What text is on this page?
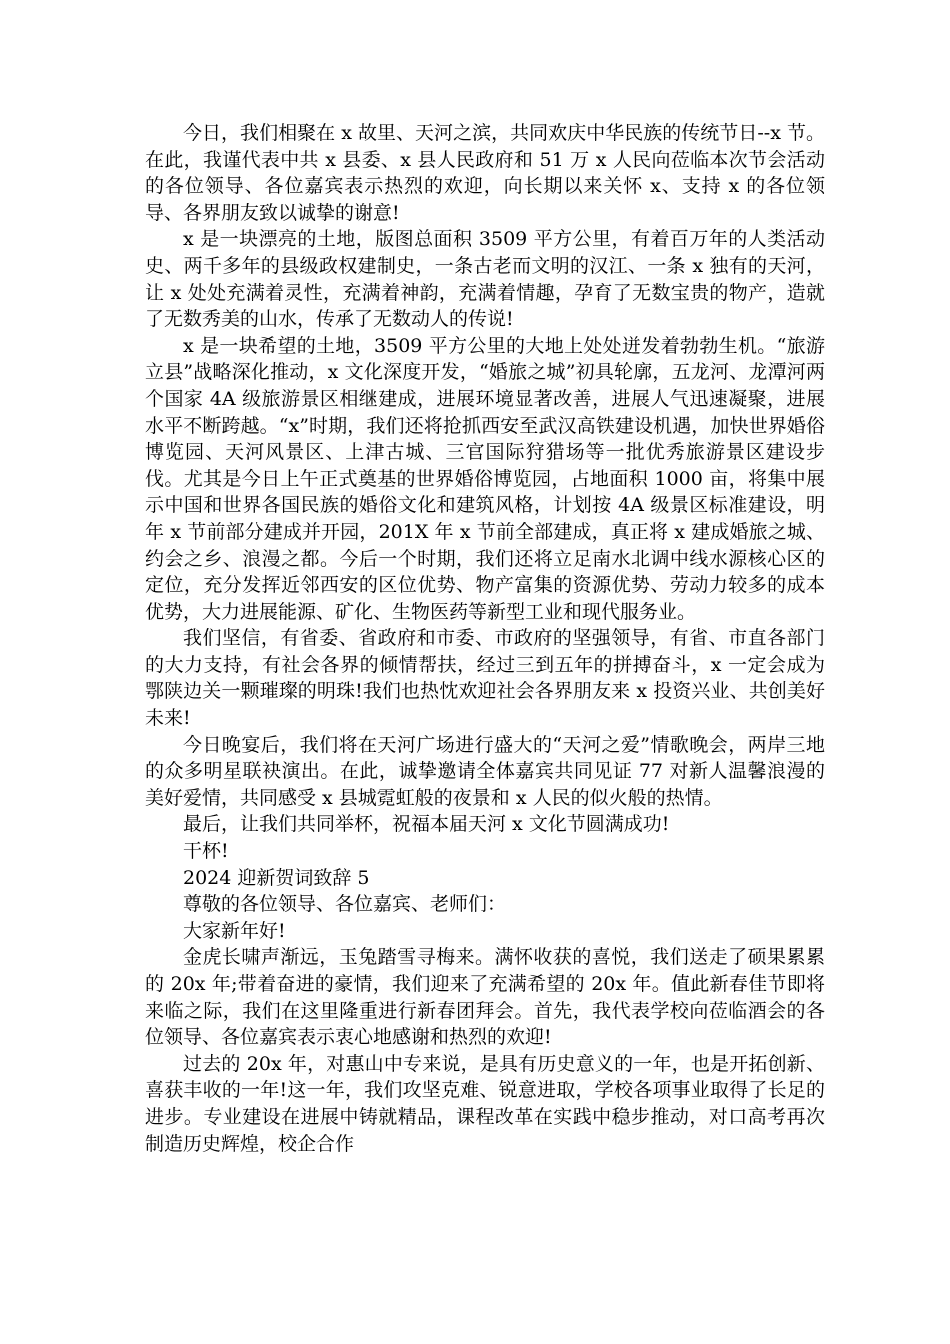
今日，我们相聚在 x 故里、天河之滨，共同欢庆中华民族的传统节日--x 节。在此，我谨代表中共 x 县委、x 县人民政府和 51 万 x 人民向莅临本次节会活动的各位领导、各位嘉宾表示热烈的欢迎，向长期以来关怀 x、支持 x 的各位领导、各界朋友致以诚挚的谢意!

x 是一块漂亮的土地，版图总面积 3509 平方公里，有着百万年的人类活动史、两千多年的县级政权建制史，一条古老而文明的汉江、一条 x 独有的天河，让 x 处处充满着灵性，充满着神韵，充满着情趣，孕育了无数宝贵的物产，造就了无数秀美的山水，传承了无数动人的传说!

x 是一块希望的土地，3509 平方公里的大地上处处迸发着勃勃生机。“旅游立县”战略深化推动，x 文化深度开发，“婚旅之城”初具轮廓，五龙河、龙潭河两个国家 4A 级旅游景区相继建成，进展环境显著改善，进展人气迅速凝聚，进展水平不断跨越。“x”时期，我们还将抢抓西安至武汉高铁建设机遇，加快世界婚俗博览园、天河风景区、上津古城、三官国际狩猎场等一批优秀旅游景区建设步伐。尤其是今日上午正式奠基的世界婚俗博览园，占地面积 1000 亩，将集中展示中国和世界各国民族的婚俗文化和建筑风格，计划按 4A 级景区标准建设，明年 x 节前部分建成并开园，201X 年 x 节前全部建成，真正将 x 建成婚旅之城、约会之乡、浪漫之都。今后一个时期，我们还将立足南水北调中线水源核心区的定位，充分发挥近邻西安的区位优势、物产富集的资源优势、劳动力较多的成本优势，大力进展能源、矿化、生物医药等新型工业和现代服务业。

我们坚信，有省委、省政府和市委、市政府的坚强领导，有省、市直各部门的大力支持，有社会各界的倾情帮扶，经过三到五年的拼搏奋斗，x 一定会成为鄂陕边关一颗璀璨的明珠!我们也热忱欢迎社会各界朋友来 x 投资兴业、共创美好未来!

今日晚宴后，我们将在天河广场进行盛大的“天河之爱”情歌晚会，两岸三地的众多明星联袂演出。在此，诚挚邀请全体嘉宾共同见证 77 对新人温馨浪漫的美好爱情，共同感受 x 县城霓虹般的夜景和 x 人民的似火般的热情。

最后，让我们共同举杯，祝福本届天河 x 文化节圆满成功!

干杯!

2024 迎新贺词致辞 5

尊敬的各位领导、各位嘉宾、老师们：

大家新年好!

金虎长啸声渐远，玉兔踏雪寻梅来。满怀收获的喜悦，我们送走了硕果累累的 20x 年;带着奋进的豪情，我们迎来了充满希望的 20x 年。值此新春佳节即将来临之际，我们在这里隆重进行新春团拜会。首先，我代表学校向莅临酒会的各位领导、各位嘉宾表示衷心地感谢和热烈的欢迎!

过去的 20x 年，对惠山中专来说，是具有历史意义的一年，也是开拓创新、喜获丰收的一年!这一年，我们攻坚克难、锐意进取，学校各项事业取得了长足的进步。专业建设在进展中铸就精品，课程改革在实践中稳步推动，对口高考再次制造历史辉煌，校企合作
